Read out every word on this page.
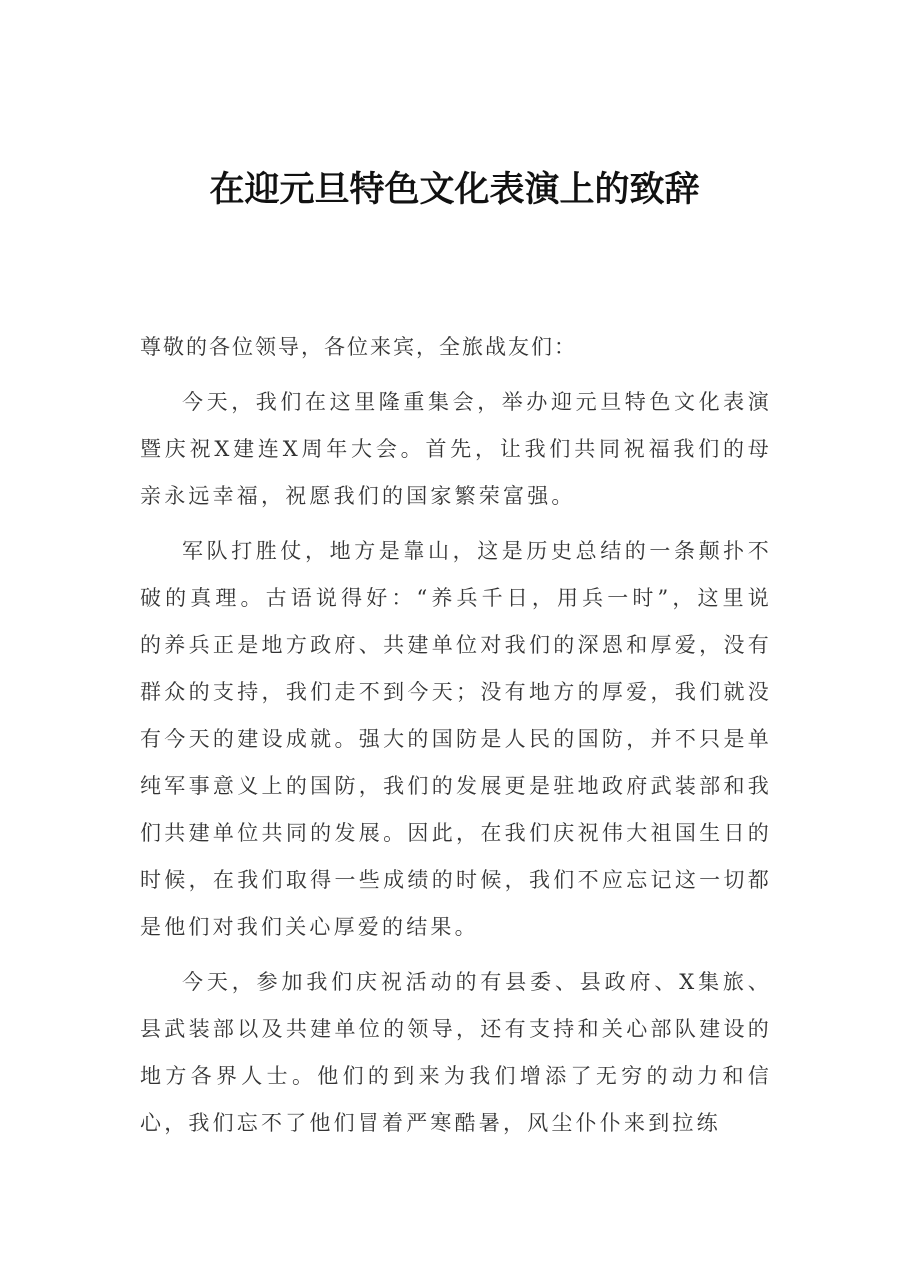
在迎元旦特色文化表演上的致辞

尊敬的各位领导，各位来宾，全旅战友们：

今天，我们在这里隆重集会，举办迎元旦特色文化表演暨庆祝X建连X周年大会。首先，让我们共同祝福我们的母亲永远幸福，祝愿我们的国家繁荣富强。

军队打胜仗，地方是靠山，这是历史总结的一条颠扑不破的真理。古语说得好：“养兵千日，用兵一时”，这里说的养兵正是地方政府、共建单位对我们的深恩和厚爱，没有群众的支持，我们走不到今天；没有地方的厚爱，我们就没有今天的建设成就。强大的国防是人民的国防，并不只是单纯军事意义上的国防，我们的发展更是驻地政府武装部和我们共建单位共同的发展。因此，在我们庆祝伟大祖国生日的时候，在我们取得一些成绩的时候，我们不应忘记这一切都是他们对我们关心厚爱的结果。

今天，参加我们庆祝活动的有县委、县政府、X集旅、县武装部以及共建单位的领导，还有支持和关心部队建设的地方各界人士。他们的到来为我们增添了无穷的动力和信心，我们忘不了他们冒着严寒酷暑，风尘仆仆来到拉练
